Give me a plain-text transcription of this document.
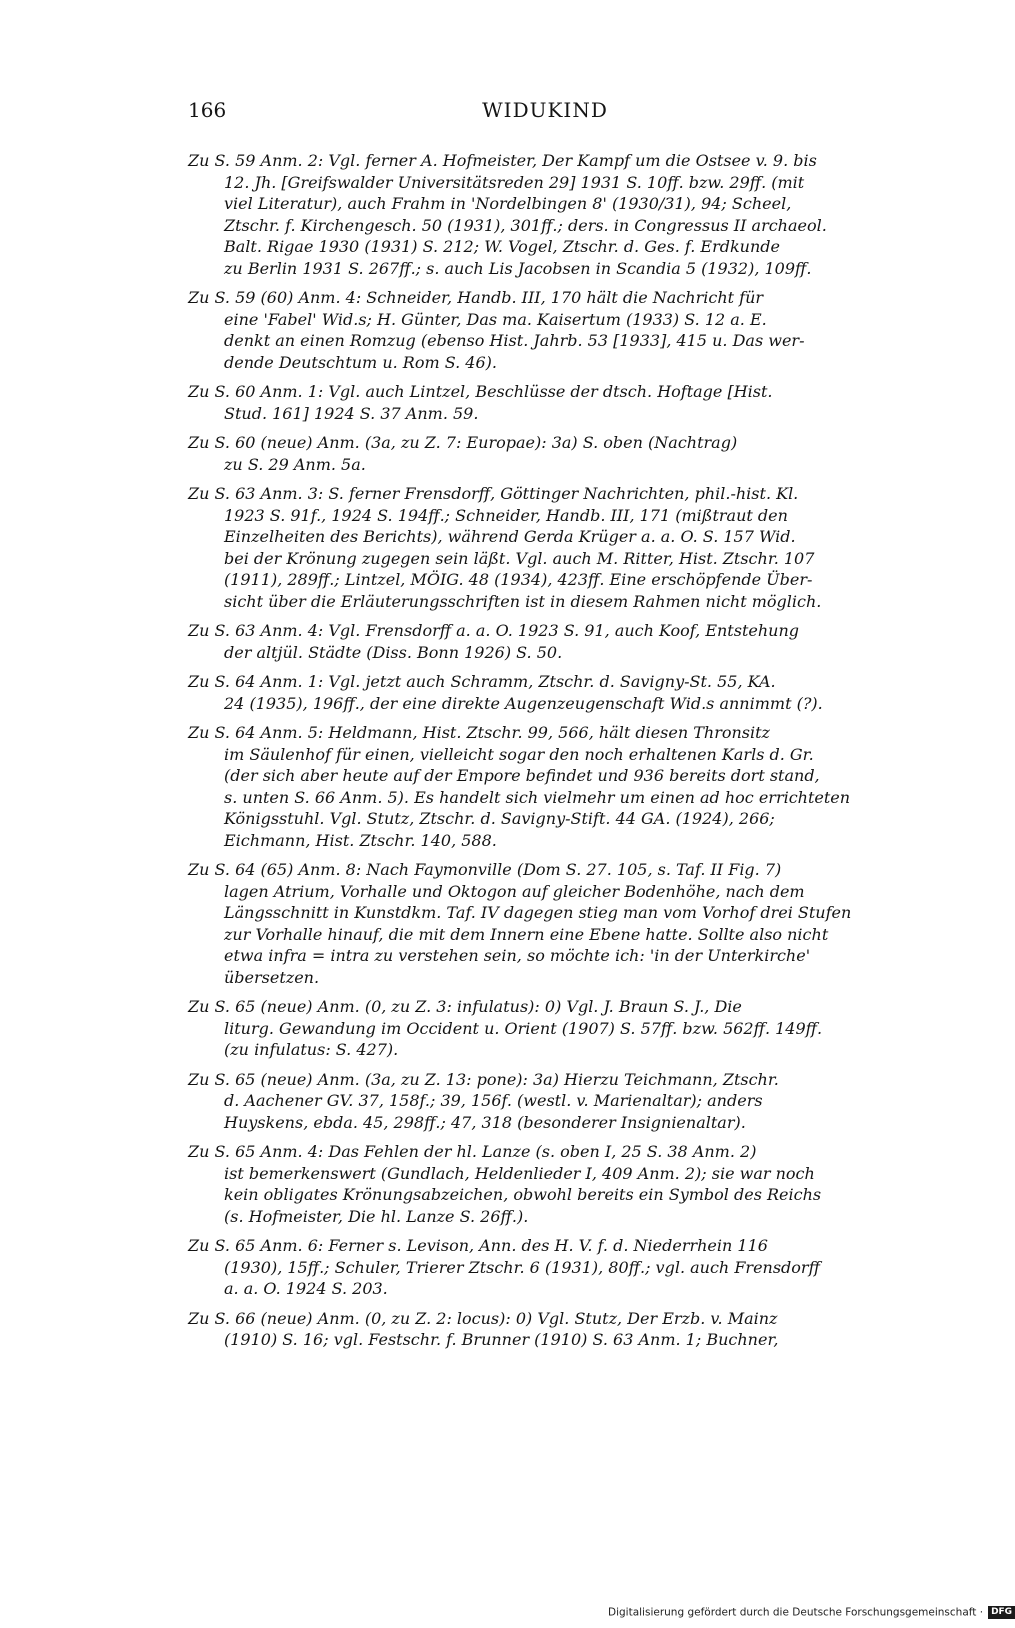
166	WIDUKIND
Zu S. 59 Anm. 2: Vgl. ferner A. Hofmeister, Der Kampf um die Ostsee v. 9. bis
12. Jh. [Greifswalder Universitätsreden 29] 1931 S. 10ff. bzw. 29ff. (mit
viel Literatur), auch Frahm in 'Nordelbingen 8' (1930/31), 94; Scheel,
Ztschr. f. Kirchengesch. 50 (1931), 301ff.; ders. in Congressus II archaeol.
Balt. Rigae 1930 (1931) S. 212; W. Vogel, Ztschr. d. Ges. f. Erdkunde
zu Berlin 1931 S. 267ff.; s. auch Lis Jacobsen in Scandia 5 (1932), 109ff.
Zu S. 59 (60) Anm. 4: Schneider, Handb. III, 170 hält die Nachricht für
eine 'Fabel' Wid.s; H. Günter, Das ma. Kaisertum (1933) S. 12 a. E.
denkt an einen Romzug (ebenso Hist. Jahrb. 53 [1933], 415 u. Das wer-
dende Deutschtum u. Rom S. 46).
Zu S. 60 Anm. 1: Vgl. auch Lintzel, Beschlüsse der dtsch. Hoftage [Hist.
Stud. 161] 1924 S. 37 Anm. 59.
Zu S. 60 (neue) Anm. (3a, zu Z. 7: Europae): 3a) S. oben (Nachtrag)
zu S. 29 Anm. 5a.
Zu S. 63 Anm. 3: S. ferner Frensdorff, Göttinger Nachrichten, phil.-hist. Kl.
1923 S. 91f., 1924 S. 194ff.; Schneider, Handb. III, 171 (mißtraut den
Einzelheiten des Berichts), während Gerda Krüger a. a. O. S. 157 Wid.
bei der Krönung zugegen sein läßt. Vgl. auch M. Ritter, Hist. Ztschr. 107
(1911), 289ff.; Lintzel, MÖIG. 48 (1934), 423ff. Eine erschöpfende Über-
sicht über die Erläuterungsschriften ist in diesem Rahmen nicht möglich.
Zu S. 63 Anm. 4: Vgl. Frensdorff a. a. O. 1923 S. 91, auch Koof, Entstehung
der altjül. Städte (Diss. Bonn 1926) S. 50.
Zu S. 64 Anm. 1: Vgl. jetzt auch Schramm, Ztschr. d. Savigny-St. 55, KA.
24 (1935), 196ff., der eine direkte Augenzeugenschaft Wid.s annimmt (?).
Zu S. 64 Anm. 5: Heldmann, Hist. Ztschr. 99, 566, hält diesen Thronsitz
im Säulenhof für einen, vielleicht sogar den noch erhaltenen Karls d. Gr.
(der sich aber heute auf der Empore befindet und 936 bereits dort stand,
s. unten S. 66 Anm. 5). Es handelt sich vielmehr um einen ad hoc errichteten
Königsstuhl. Vgl. Stutz, Ztschr. d. Savigny-Stift. 44 GA. (1924), 266;
Eichmann, Hist. Ztschr. 140, 588.
Zu S. 64 (65) Anm. 8: Nach Faymonville (Dom S. 27. 105, s. Taf. II Fig. 7)
lagen Atrium, Vorhalle und Oktogon auf gleicher Bodenhöhe, nach dem
Längsschnitt in Kunstdkm. Taf. IV dagegen stieg man vom Vorhof drei Stufen
zur Vorhalle hinauf, die mit dem Innern eine Ebene hatte. Sollte also nicht
etwa infra = intra zu verstehen sein, so möchte ich: 'in der Unterkirche'
übersetzen.
Zu S. 65 (neue) Anm. (0, zu Z. 3: infulatus): 0) Vgl. J. Braun S. J., Die
liturg. Gewandung im Occident u. Orient (1907) S. 57ff. bzw. 562ff. 149ff.
(zu infulatus: S. 427).
Zu S. 65 (neue) Anm. (3a, zu Z. 13: pone): 3a) Hierzu Teichmann, Ztschr.
d. Aachener GV. 37, 158f.; 39, 156f. (westl. v. Marienaltar); anders
Huyskens, ebda. 45, 298ff.; 47, 318 (besonderer Insignienaltar).
Zu S. 65 Anm. 4: Das Fehlen der hl. Lanze (s. oben I, 25 S. 38 Anm. 2)
ist bemerkenswert (Gundlach, Heldenlieder I, 409 Anm. 2); sie war noch
kein obligates Krönungsabzeichen, obwohl bereits ein Symbol des Reichs
(s. Hofmeister, Die hl. Lanze S. 26ff.).
Zu S. 65 Anm. 6: Ferner s. Levison, Ann. des H. V. f. d. Niederrhein 116
(1930), 15ff.; Schuler, Trierer Ztschr. 6 (1931), 80ff.; vgl. auch Frensdorff
a. a. O. 1924 S. 203.
Zu S. 66 (neue) Anm. (0, zu Z. 2: locus): 0) Vgl. Stutz, Der Erzb. v. Mainz
(1910) S. 16; vgl. Festschr. f. Brunner (1910) S. 63 Anm. 1; Buchner,
Digitalisierung gefördert durch die Deutsche Forschungsgemeinschaft · DFG
